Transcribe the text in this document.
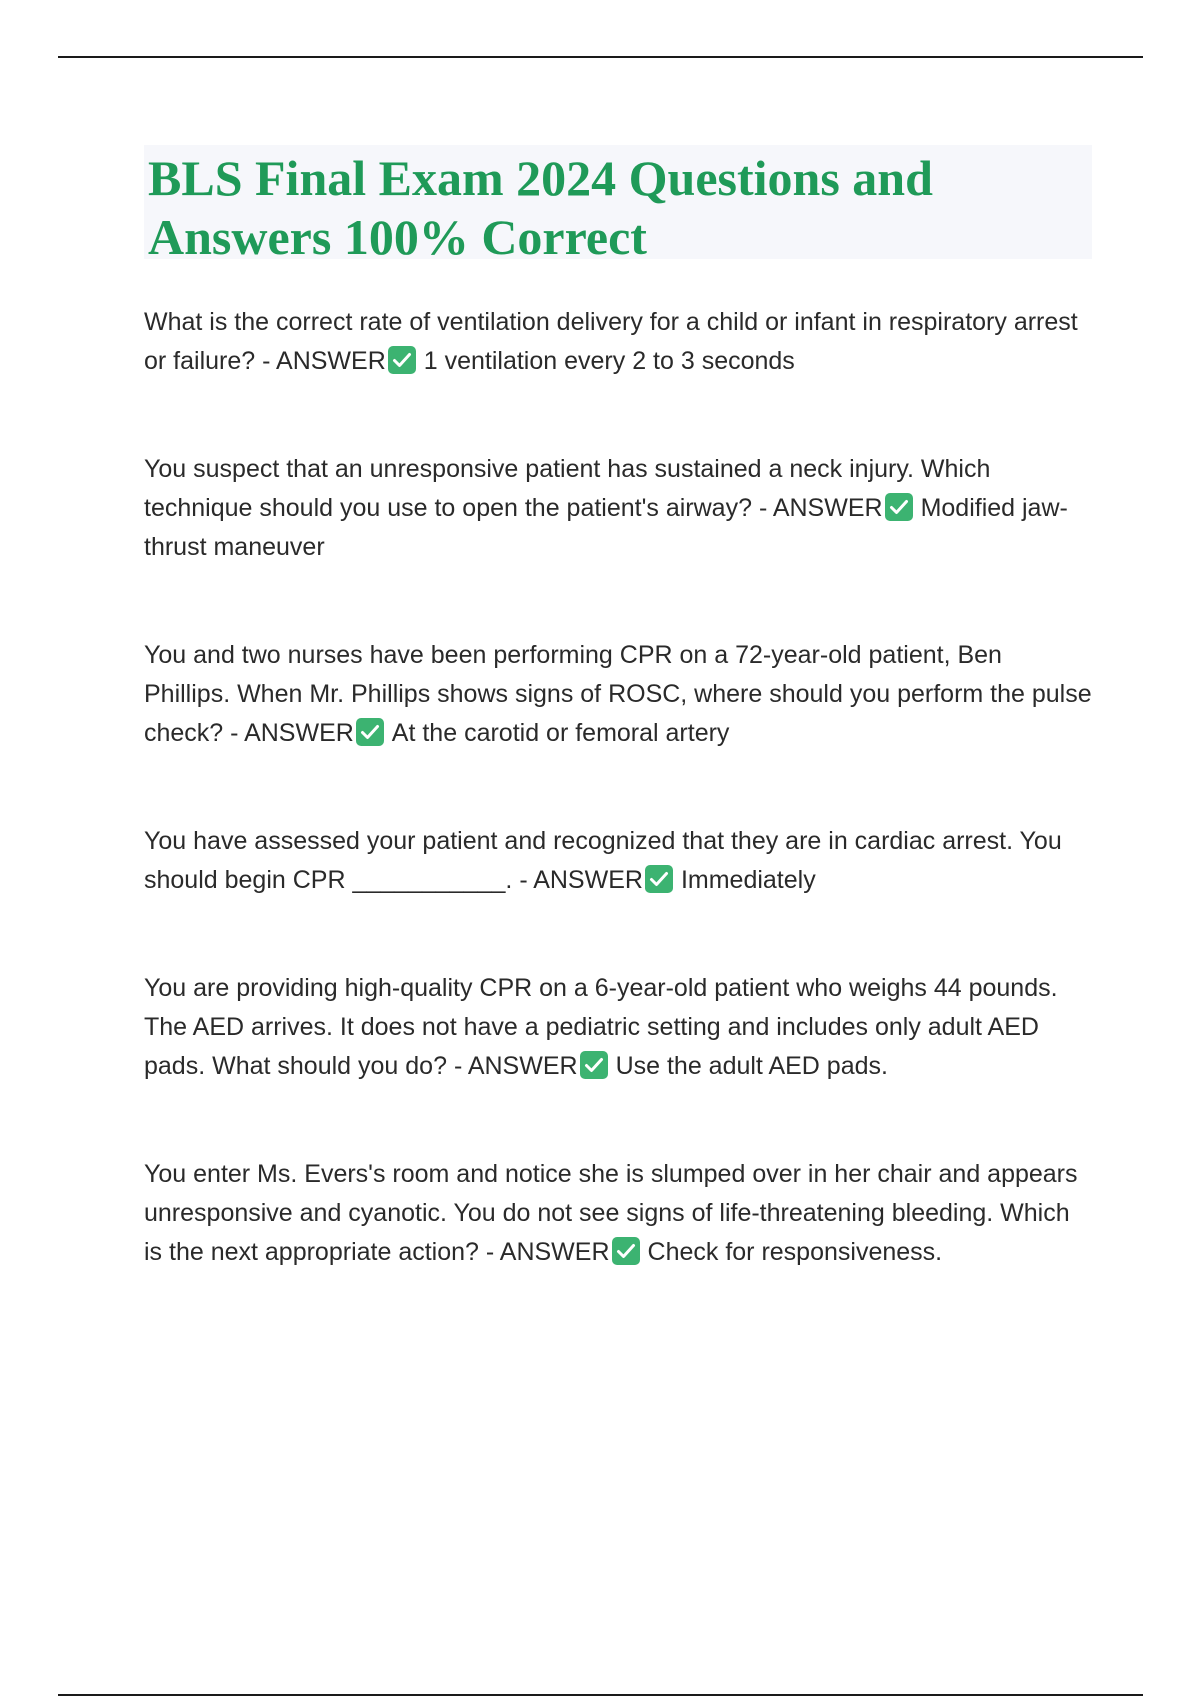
BLS Final Exam 2024 Questions and Answers 100% Correct

What is the correct rate of ventilation delivery for a child or infant in respiratory arrest or failure? - ANSWER 1 ventilation every 2 to 3 seconds

You suspect that an unresponsive patient has sustained a neck injury. Which technique should you use to open the patient's airway? - ANSWER Modified jaw-thrust maneuver

You and two nurses have been performing CPR on a 72-year-old patient, Ben Phillips. When Mr. Phillips shows signs of ROSC, where should you perform the pulse check? - ANSWER At the carotid or femoral artery

You have assessed your patient and recognized that they are in cardiac arrest. You should begin CPR ___________. - ANSWER Immediately

You are providing high-quality CPR on a 6-year-old patient who weighs 44 pounds. The AED arrives. It does not have a pediatric setting and includes only adult AED pads. What should you do? - ANSWER Use the adult AED pads.

You enter Ms. Evers's room and notice she is slumped over in her chair and appears unresponsive and cyanotic. You do not see signs of life-threatening bleeding. Which is the next appropriate action? - ANSWER Check for responsiveness.
